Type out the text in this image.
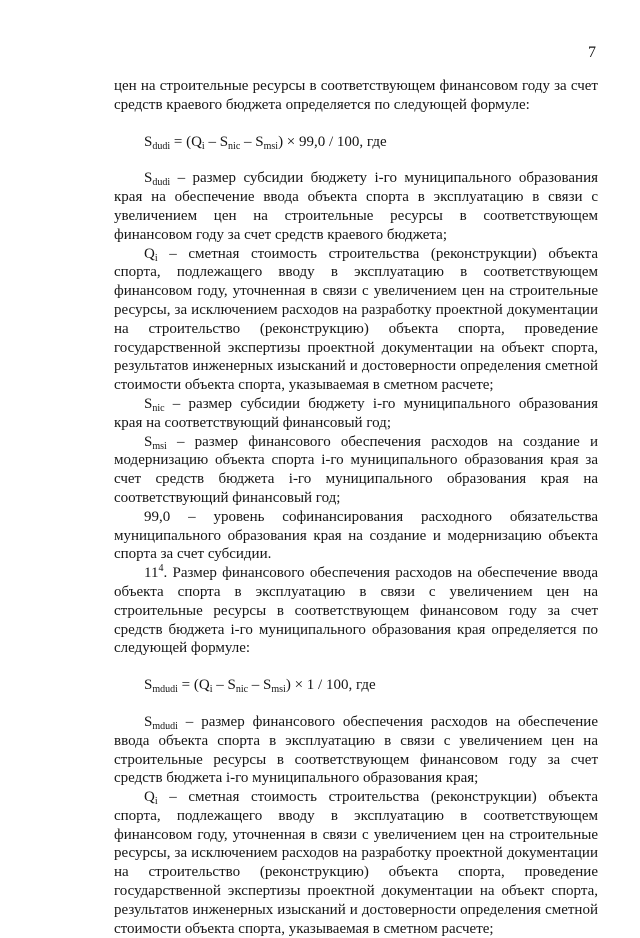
7

цен на строительные ресурсы в соответствующем финансовом году за счет средств краевого бюджета определяется по следующей формуле:

$S_{dudi} = (Q_i - S_{nic} - S_{msi}) \times 99,0 / 100$, где

$S_{dudi}$ – размер субсидии бюджету i-го муниципального образования края на обеспечение ввода объекта спорта в эксплуатацию в связи с увеличением цен на строительные ресурсы в соответствующем финансовом году за счет средств краевого бюджета;

$Q_i$ – сметная стоимость строительства (реконструкции) объекта спорта, подлежащего вводу в эксплуатацию в соответствующем финансовом году, уточненная в связи с увеличением цен на строительные ресурсы, за исключением расходов на разработку проектной документации на строительство (реконструкцию) объекта спорта, проведение государственной экспертизы проектной документации на объект спорта, результатов инженерных изысканий и достоверности определения сметной стоимости объекта спорта, указываемая в сметном расчете;

$S_{nic}$ – размер субсидии бюджету i-го муниципального образования края на соответствующий финансовый год;

$S_{msi}$ – размер финансового обеспечения расходов на создание и модернизацию объекта спорта i-го муниципального образования края за счет средств бюджета i-го муниципального образования края на соответствующий финансовый год;

99,0 – уровень софинансирования расходного обязательства муниципального образования края на создание и модернизацию объекта спорта за счет субсидии.

$11^4$. Размер финансового обеспечения расходов на обеспечение ввода объекта спорта в эксплуатацию в связи с увеличением цен на строительные ресурсы в соответствующем финансовом году за счет средств бюджета i-го муниципального образования края определяется по следующей формуле:

$S_{mdudi} = (Q_i - S_{nic} - S_{msi}) \times 1 / 100$, где

$S_{mdudi}$ – размер финансового обеспечения расходов на обеспечение ввода объекта спорта в эксплуатацию в связи с увеличением цен на строительные ресурсы в соответствующем финансовом году за счет средств бюджета i-го муниципального образования края;

$Q_i$ – сметная стоимость строительства (реконструкции) объекта спорта, подлежащего вводу в эксплуатацию в соответствующем финансовом году, уточненная в связи с увеличением цен на строительные ресурсы, за исключением расходов на разработку проектной документации на строительство (реконструкцию) объекта спорта, проведение государственной экспертизы проектной документации на объект спорта, результатов инженерных изысканий и достоверности определения сметной стоимости объекта спорта, указываемая в сметном расчете;
